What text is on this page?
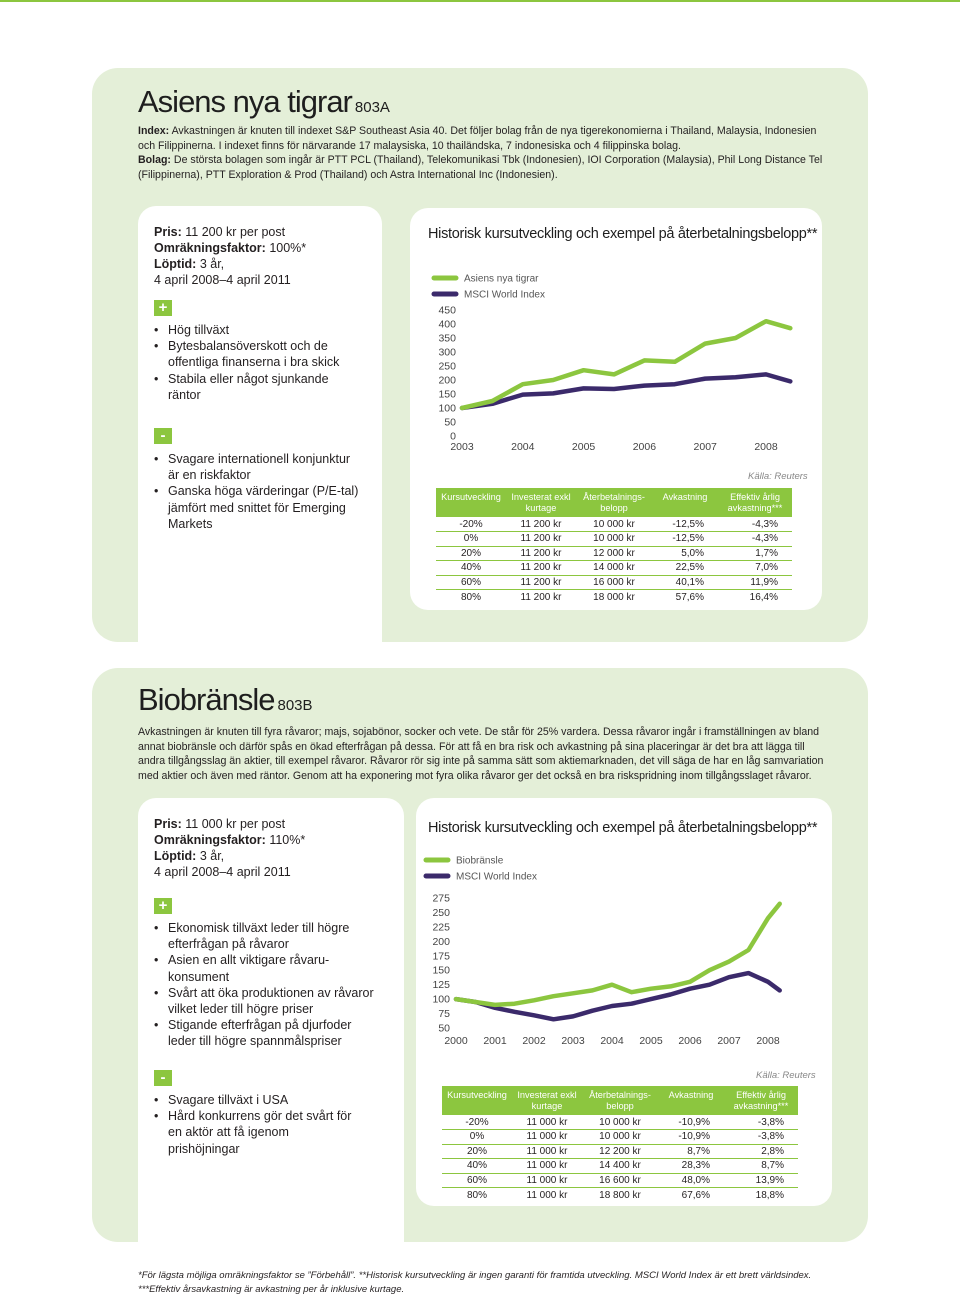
Asiens nya tigrar 803A
Index: Avkastningen är knuten till indexet S&P Southeast Asia 40. Det följer bolag från de nya tigerekonomierna i Thailand, Malaysia, Indonesien och Filippinerna. I indexet finns för närvarande 17 malaysiska, 10 thailändska, 7 indonesiska och 4 filippinska bolag.
Bolag: De största bolagen som ingår är PTT PCL (Thailand), Telekomunikasi Tbk (Indonesien), IOI Corporation (Malaysia), Phil Long Distance Tel (Filippinerna), PTT Exploration & Prod (Thailand) och Astra International Inc (Indonesien).
Pris: 11 200 kr per post
Omräkningsfaktor: 100%*
Löptid: 3 år,
4 april 2008–4 april 2011
+
• Hög tillväxt
• Bytesbalansöverskott och de offentliga finanserna i bra skick
• Stabila eller något sjunkande räntor
-
• Svagare internationell konjunktur är en riskfaktor
• Ganska höga värderingar (P/E-tal) jämfört med snittet för Emerging Markets
Historisk kursutveckling och exempel på återbetalningsbelopp**
Asiens nya tigrar
MSCI World Index
0
50
100
150
200
250
300
350
400
450
2003	2004	2005	2006	2007	2008
Källa: Reuters
Kursutveckling	Investerat exkl kurtage	Återbetalnings-belopp	Avkastning	Effektiv årlig avkastning***
-20%	11 200 kr	10 000 kr	-12,5%	-4,3%
0%	11 200 kr	10 000 kr	-12,5%	-4,3%
20%	11 200 kr	12 000 kr	5,0%	1,7%
40%	11 200 kr	14 000 kr	22,5%	7,0%
60%	11 200 kr	16 000 kr	40,1%	11,9%
80%	11 200 kr	18 000 kr	57,6%	16,4%
Biobränsle 803B
Avkastningen är knuten till fyra råvaror; majs, sojabönor, socker och vete. De står för 25% vardera. Dessa råvaror ingår i framställningen av bland annat biobränsle och därför spås en ökad efterfrågan på dessa. För att få en bra risk och avkastning på sina placeringar är det bra att lägga till andra tillgångsslag än aktier, till exempel råvaror. Råvaror rör sig inte på samma sätt som aktiemarknaden, det vill säga de har en låg samvariation med aktier och även med räntor. Genom att ha exponering mot fyra olika råvaror ger det också en bra riskspridning inom tillgångsslaget råvaror.
Pris: 11 000 kr per post
Omräkningsfaktor: 110%*
Löptid: 3 år,
4 april 2008–4 april 2011
+
• Ekonomisk tillväxt leder till högre efterfrågan på råvaror
• Asien en allt viktigare råvaru-konsument
• Svårt att öka produktionen av råvaror vilket leder till högre priser
• Stigande efterfrågan på djurfoder leder till högre spannmålspriser
-
• Svagare tillväxt i USA
• Hård konkurrens gör det svårt för en aktör att få igenom prishöjningar
Historisk kursutveckling och exempel på återbetalningsbelopp**
Biobränsle
MSCI World Index
50
75
100
125
150
175
200
225
250
275
2000 2001 2002 2003 2004 2005 2006 2007 2008
Källa: Reuters
Kursutveckling	Investerat exkl kurtage	Återbetalnings-belopp	Avkastning	Effektiv årlig avkastning***
-20%	11 000 kr	10 000 kr	-10,9%	-3,8%
0%	11 000 kr	10 000 kr	-10,9%	-3,8%
20%	11 000 kr	12 200 kr	8,7%	2,8%
40%	11 000 kr	14 400 kr	28,3%	8,7%
60%	11 000 kr	16 600 kr	48,0%	13,9%
80%	11 000 kr	18 800 kr	67,6%	18,8%
*För lägsta möjliga omräkningsfaktor se ”Förbehåll”. **Historisk kursutveckling är ingen garanti för framtida utveckling. MSCI World Index är ett brett världsindex.
***Effektiv årsavkastning är avkastning per år inklusive kurtage.
